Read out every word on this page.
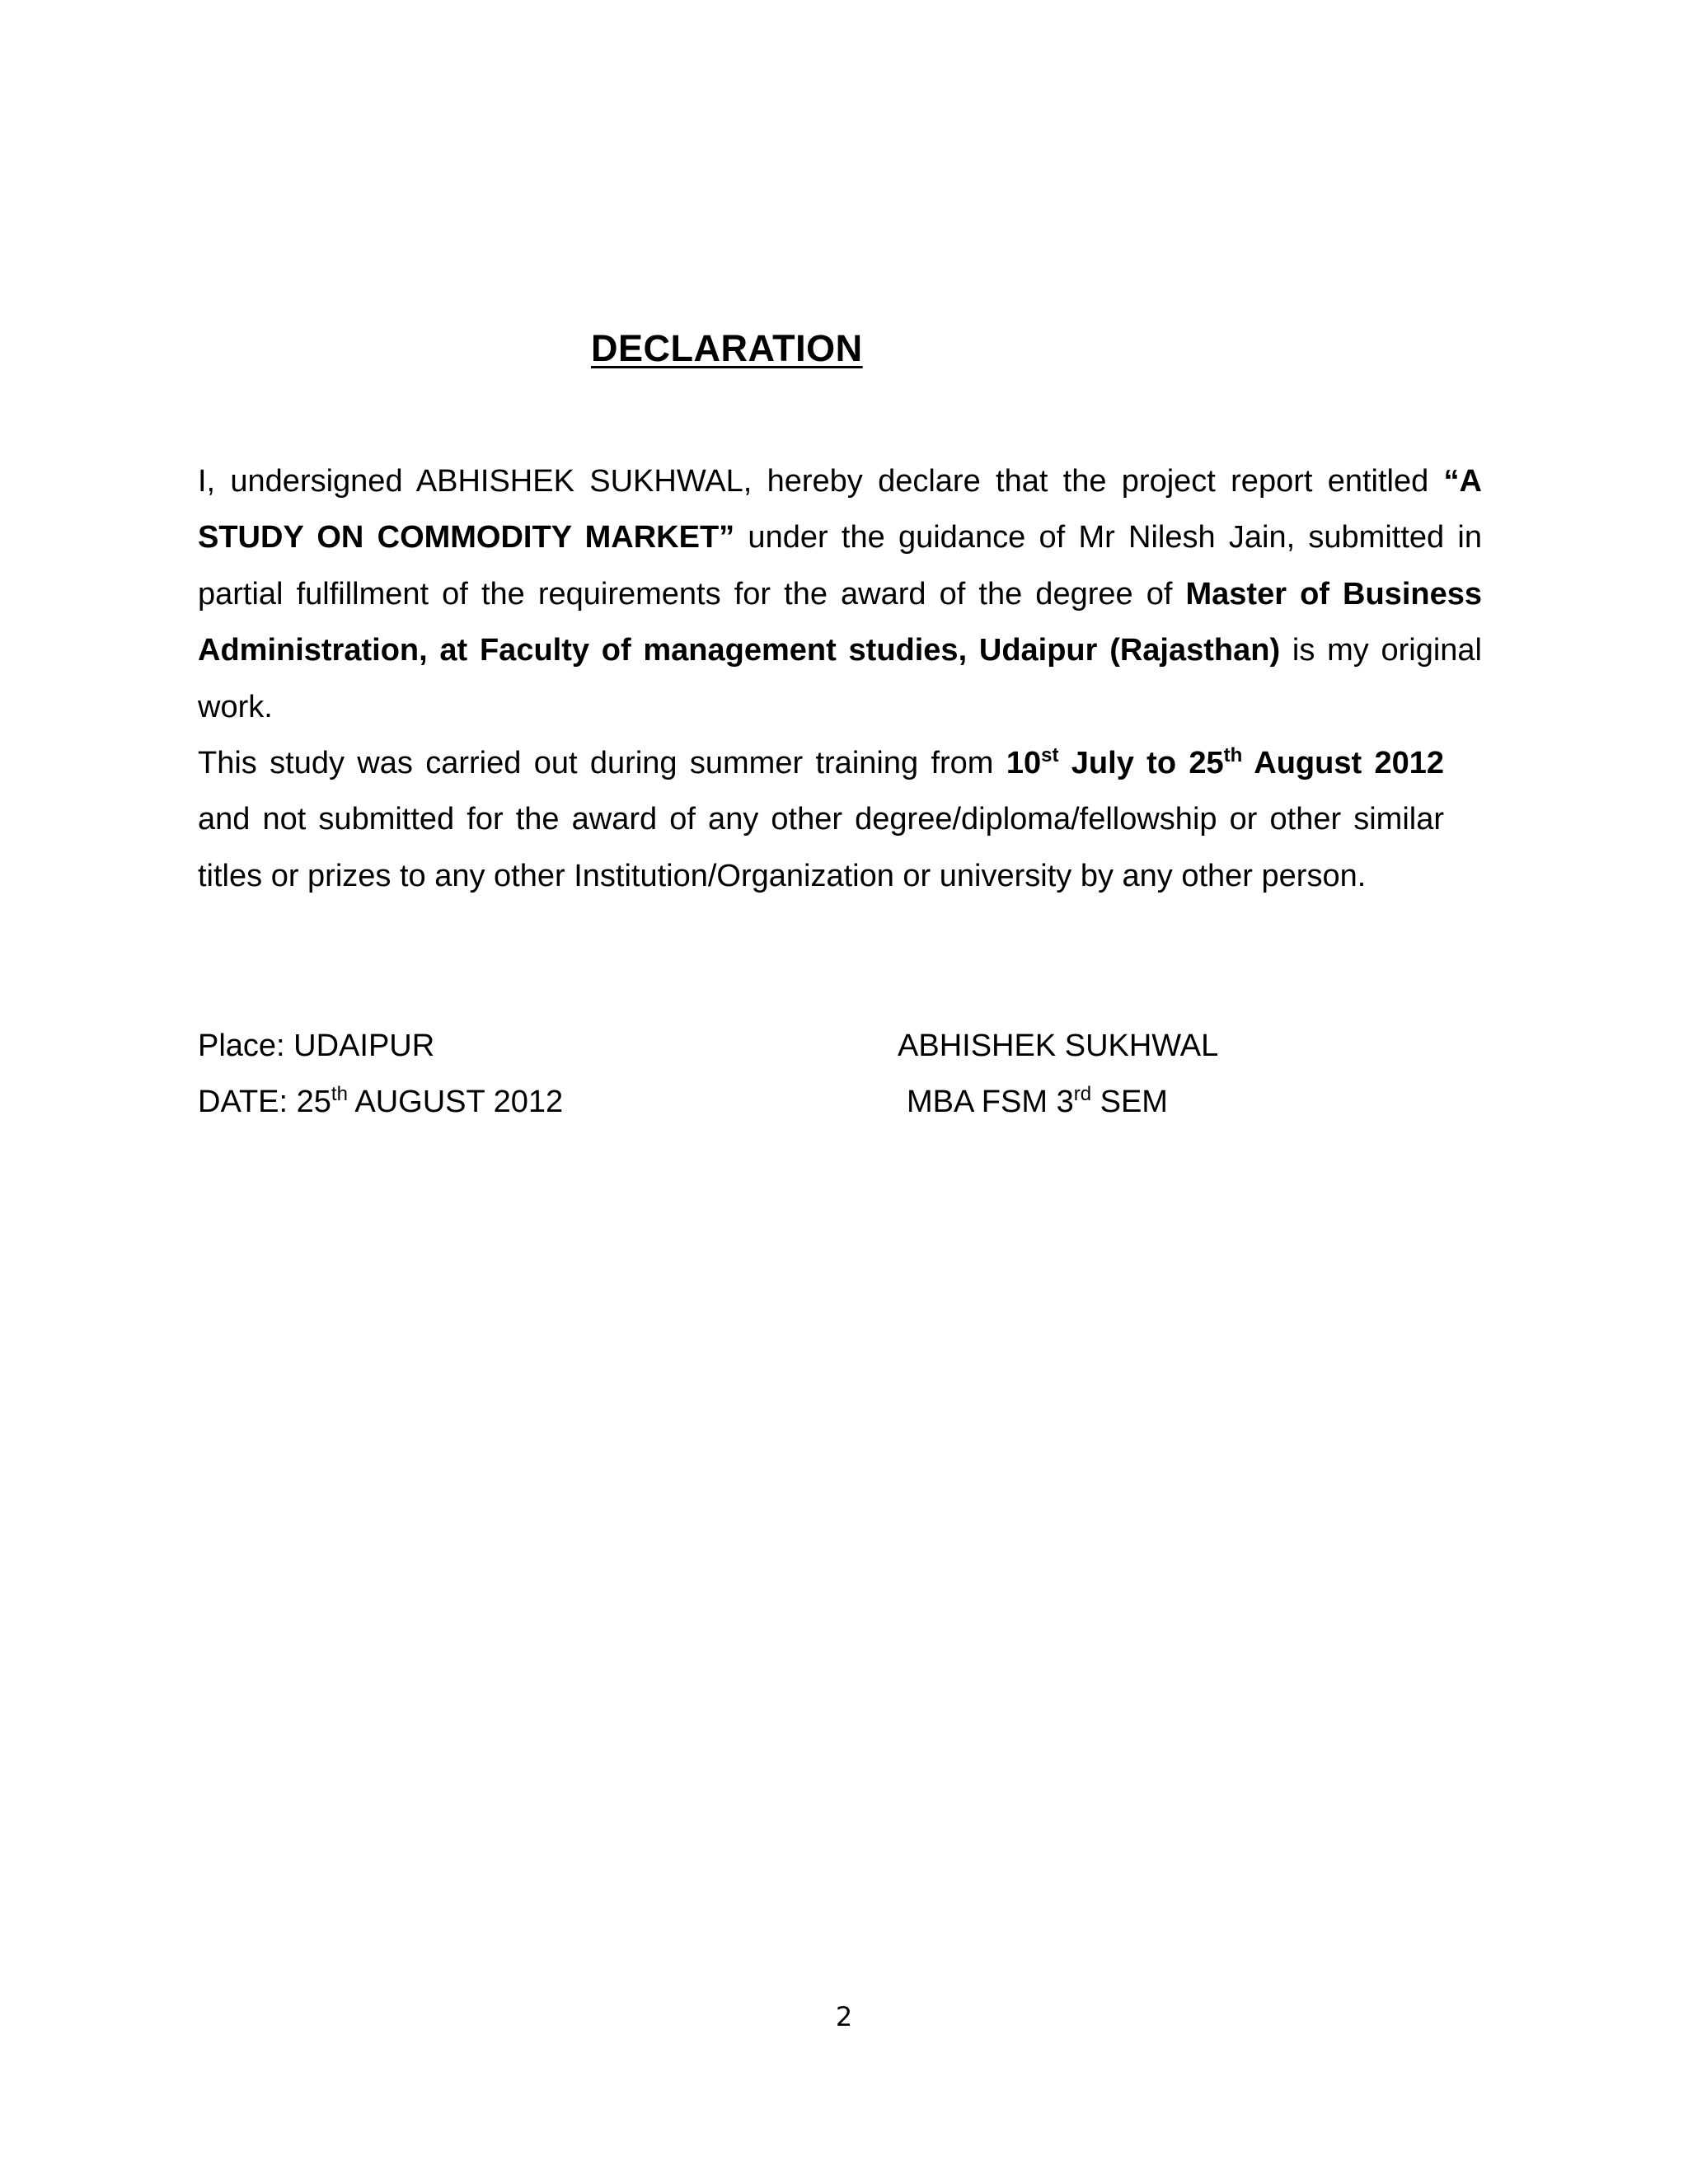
DECLARATION
I, undersigned ABHISHEK SUKHWAL, hereby declare that the project report entitled “A STUDY ON COMMODITY MARKET” under the guidance of Mr Nilesh Jain, submitted in partial fulfillment of the requirements for the award of the degree of Master of Business Administration, at Faculty of management studies, Udaipur (Rajasthan) is my original work.
This study was carried out during summer training from 10st July to 25th August 2012 and not submitted for the award of any other degree/diploma/fellowship or other similar titles or prizes to any other Institution/Organization or university by any other person.
Place: UDAIPUR
DATE: 25th AUGUST 2012
ABHISHEK SUKHWAL
MBA FSM 3rd SEM
2
